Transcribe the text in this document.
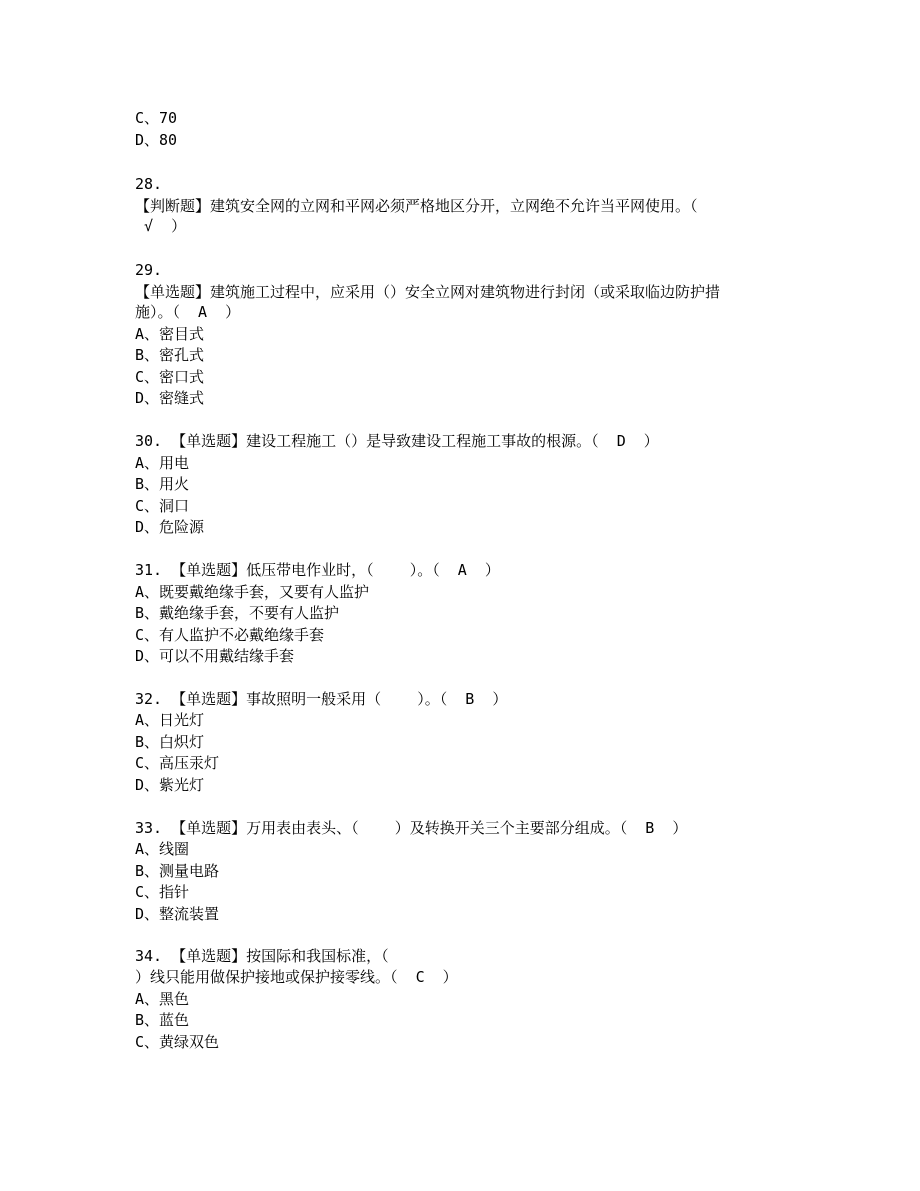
C、70
D、80
28.
【判断题】建筑安全网的立网和平网必须严格地区分开，立网绝不允许当平网使用。（
√  ）
29.
【单选题】建筑施工过程中，应采用（）安全立网对建筑物进行封闭（或采取临边防护措
施）。（  A  ）
A、密目式
B、密孔式
C、密口式
D、密缝式
30. 【单选题】建设工程施工（）是导致建设工程施工事故的根源。（  D  ）
A、用电
B、用火
C、洞口
D、危险源
31. 【单选题】低压带电作业时，（    ）。（  A  ）
A、既要戴绝缘手套，又要有人监护
B、戴绝缘手套，不要有人监护
C、有人监护不必戴绝缘手套
D、可以不用戴结缘手套
32. 【单选题】事故照明一般采用（    ）。（  B  ）
A、日光灯
B、白炽灯
C、高压汞灯
D、紫光灯
33. 【单选题】万用表由表头、（    ）及转换开关三个主要部分组成。（  B  ）
A、线圈
B、测量电路
C、指针
D、整流装置
34. 【单选题】按国际和我国标准，（
）线只能用做保护接地或保护接零线。（  C  ）
A、黑色
B、蓝色
C、黄绿双色
